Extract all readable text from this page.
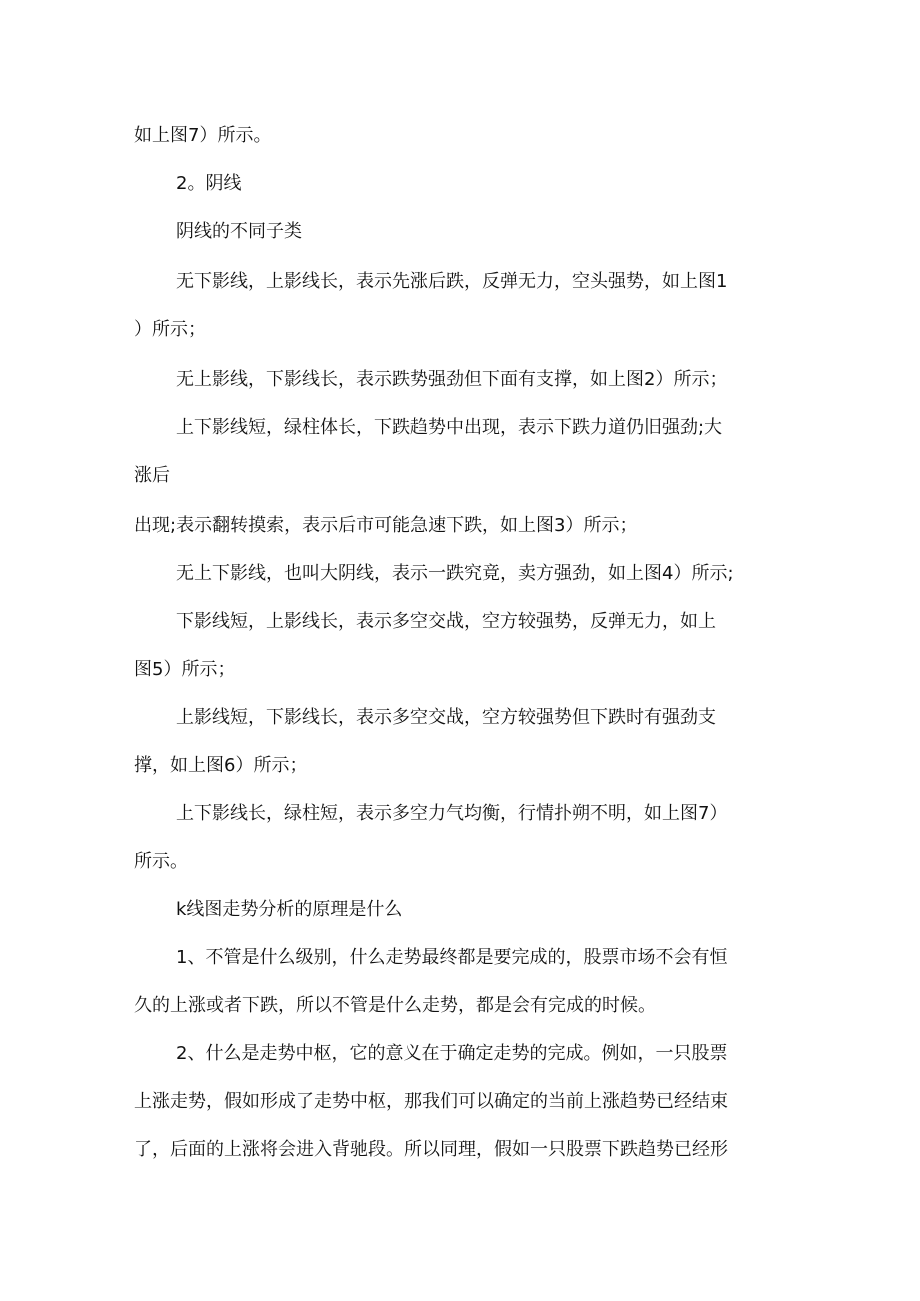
如上图7）所示。
2。阴线
阴线的不同子类
无下影线，上影线长，表示先涨后跌，反弹无力，空头强势，如上图1
）所示；
无上影线，下影线长，表示跌势强劲但下面有支撑，如上图2）所示；
上下影线短，绿柱体长，下跌趋势中出现，表示下跌力道仍旧强劲;大
涨后
出现;表示翻转摸索，表示后市可能急速下跌，如上图3）所示；
无上下影线，也叫大阴线，表示一跌究竟，卖方强劲，如上图4）所示;
下影线短，上影线长，表示多空交战，空方较强势，反弹无力，如上
图5）所示；
上影线短，下影线长，表示多空交战，空方较强势但下跌时有强劲支
撑，如上图6）所示；
上下影线长，绿柱短，表示多空力气均衡，行情扑朔不明，如上图7）
所示。
k线图走势分析的原理是什么
1、不管是什么级别，什么走势最终都是要完成的，股票市场不会有恒
久的上涨或者下跌，所以不管是什么走势，都是会有完成的时候。
2、什么是走势中枢，它的意义在于确定走势的完成。例如，一只股票
上涨走势，假如形成了走势中枢，那我们可以确定的当前上涨趋势已经结束
了，后面的上涨将会进入背驰段。所以同理，假如一只股票下跌趋势已经形
